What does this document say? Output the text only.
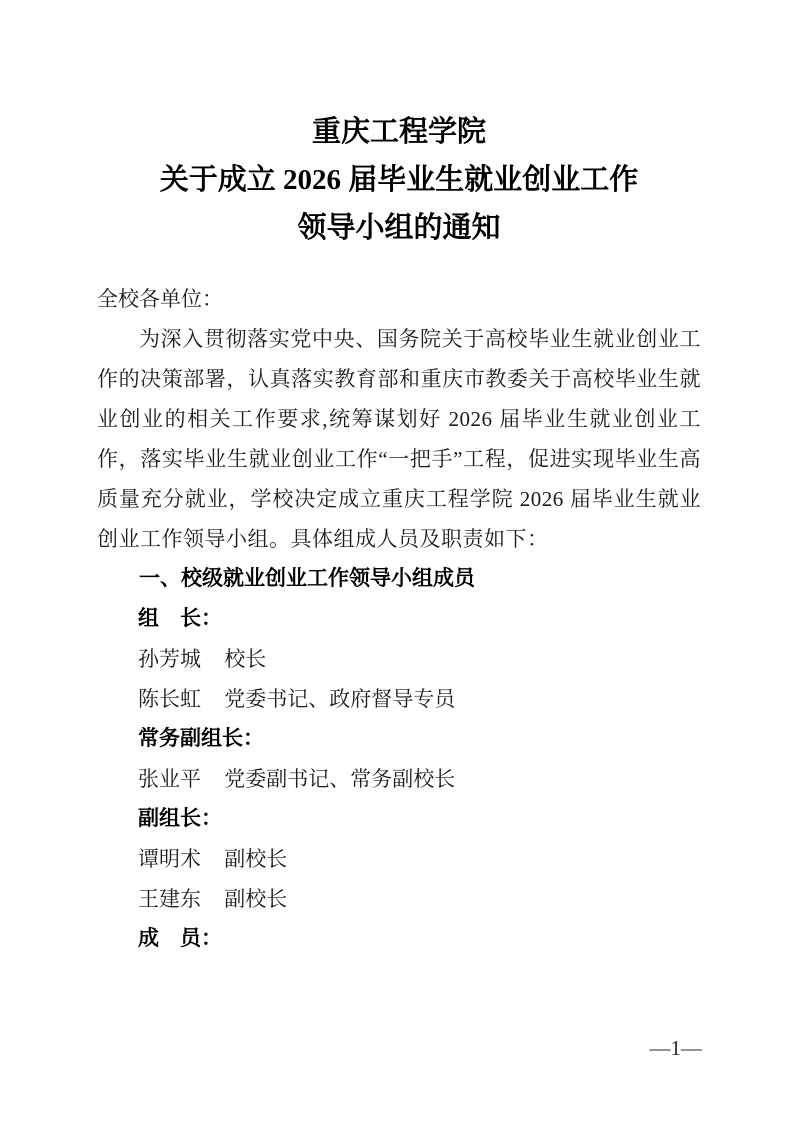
重庆工程学院
关于成立 2026 届毕业生就业创业工作
领导小组的通知
全校各单位：

为深入贯彻落实党中央、国务院关于高校毕业生就业创业工作的决策部署，认真落实教育部和重庆市教委关于高校毕业生就业创业的相关工作要求,统筹谋划好 2026 届毕业生就业创业工作，落实毕业生就业创业工作“一把手”工程，促进实现毕业生高质量充分就业，学校决定成立重庆工程学院 2026 届毕业生就业创业工作领导小组。具体组成人员及职责如下：

一、校级就业创业工作领导小组成员
组　长：
孙芳城 校长
陈长虹 党委书记、政府督导专员
常务副组长：
张业平 党委副书记、常务副校长
副组长：
谭明术 副校长
王建东 副校长
成　员：
—1—
